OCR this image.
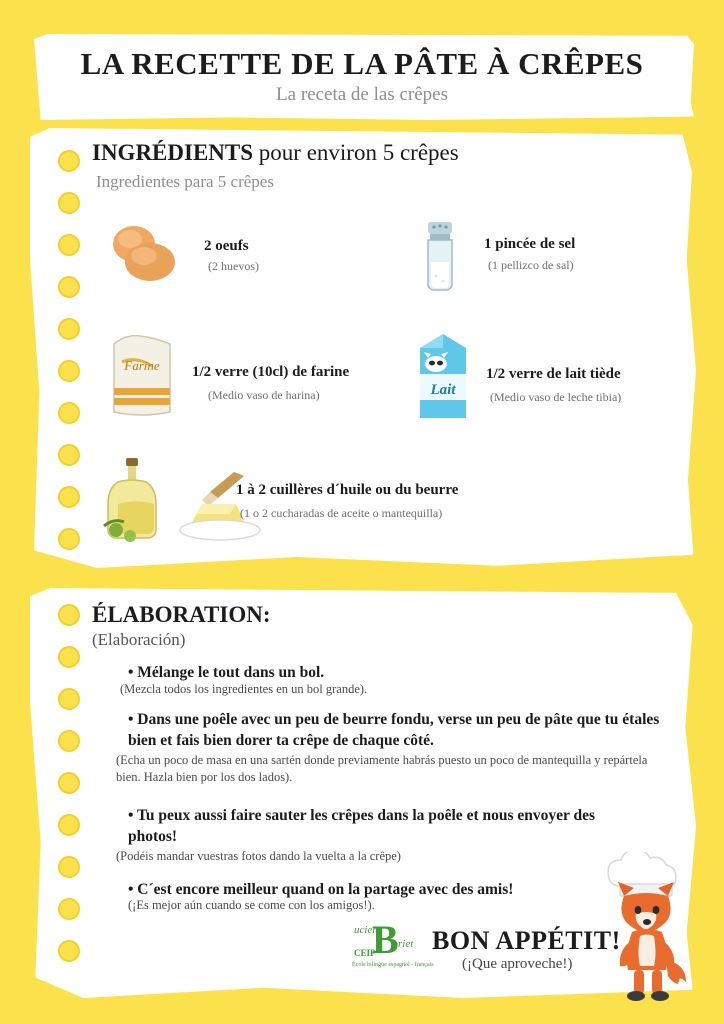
LA RECETTE DE LA PÂTE À CRÊPES
La receta de las crêpes
INGRÉDIENTS pour environ 5 crêpes
Ingredientes para 5 crêpes
2 oeufs
(2 huevos)
1 pincée de sel
(1 pellizco de sal)
Farine 1/2 verre (10cl) de farine
(Medio vaso de harina)	Lait
1/2 verre de lait tiède
(Medio vaso de leche tibia)
1 à 2 cuillères d´huile ou du beurre
(1 o 2 cucharadas de aceite o mantequilla)
ÉLABORATION:
(Elaboración)
• Mélange le tout dans un bol.
(Mezcla todos los ingredientes en un bol grande).
• Dans une poêle avec un peu de beurre fondu, verse un peu de pâte que tu étales bien et fais bien dorer ta crêpe de chaque côté.
(Echa un poco de masa en una sartén donde previamente habrás puesto un poco de mantequilla y repártela bien. Hazla bien por los dos lados).
• Tu peux aussi faire sauter les crêpes dans la poêle et nous envoyer des photos!
(Podéis mandar vuestras fotos dando la vuelta a la crêpe)
• C´est encore meilleur quand on la partage avec des amis!
(¡Es mejor aún cuando se come con los amigos!).
B
ucien
riet
CEIP
École bilingue espagnol - français
BON APPÉTIT!
(¡Que aproveche!)
